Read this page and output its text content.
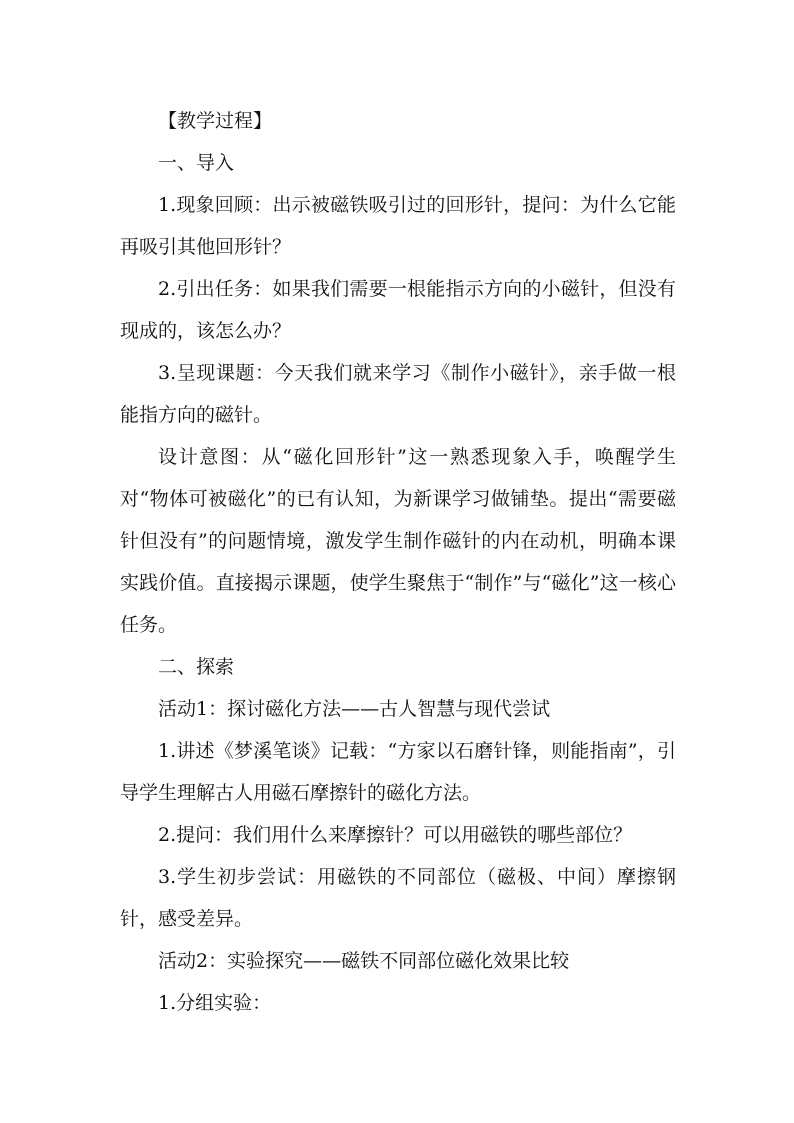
【教学过程】

一、导入

1.现象回顾：出示被磁铁吸引过的回形针，提问：为什么它能再吸引其他回形针？

2.引出任务：如果我们需要一根能指示方向的小磁针，但没有现成的，该怎么办？

3.呈现课题：今天我们就来学习《制作小磁针》，亲手做一根能指方向的磁针。

设计意图：从“磁化回形针”这一熟悉现象入手，唤醒学生对“物体可被磁化”的已有认知，为新课学习做铺垫。提出“需要磁针但没有”的问题情境，激发学生制作磁针的内在动机，明确本课实践价值。直接揭示课题，使学生聚焦于“制作”与“磁化”这一核心任务。

二、探索

活动1：探讨磁化方法——古人智慧与现代尝试

1.讲述《梦溪笔谈》记载：“方家以石磨针锋，则能指南”，引导学生理解古人用磁石摩擦针的磁化方法。

2.提问：我们用什么来摩擦针？可以用磁铁的哪些部位？

3.学生初步尝试：用磁铁的不同部位（磁极、中间）摩擦钢针，感受差异。

活动2：实验探究——磁铁不同部位磁化效果比较

1.分组实验：
